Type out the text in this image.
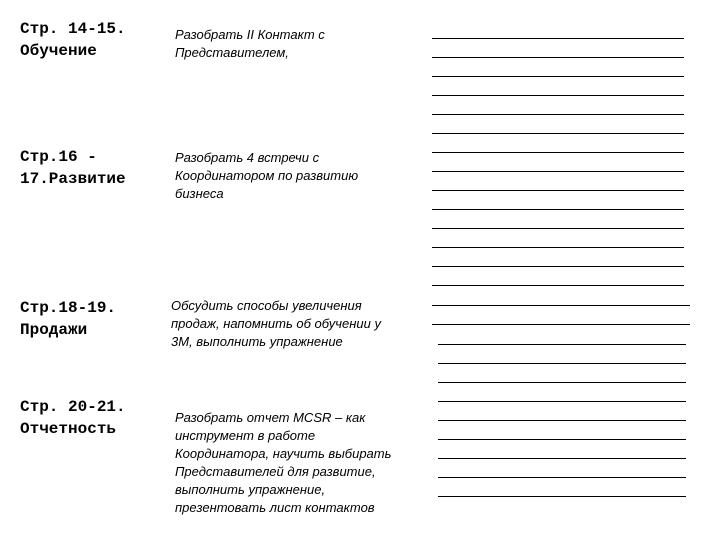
Стр. 14-15.
Обучение
Разобрать II Контакт с
Представителем,
Стр.16 -
17.Развитие
Разобрать 4 встречи с
Координатором по развитию
бизнеса
Стр.18-19.
Продажи
Обсудить способы увеличения
продаж, напомнить об обучении у
3М, выполнить упражнение
Стр. 20-21.
Отчетность
Разобрать отчет MCSR – как
инструмент в работе
Координатора, научить выбирать
Представителей для развитие,
выполнить упражнение,
презентовать лист контактов
